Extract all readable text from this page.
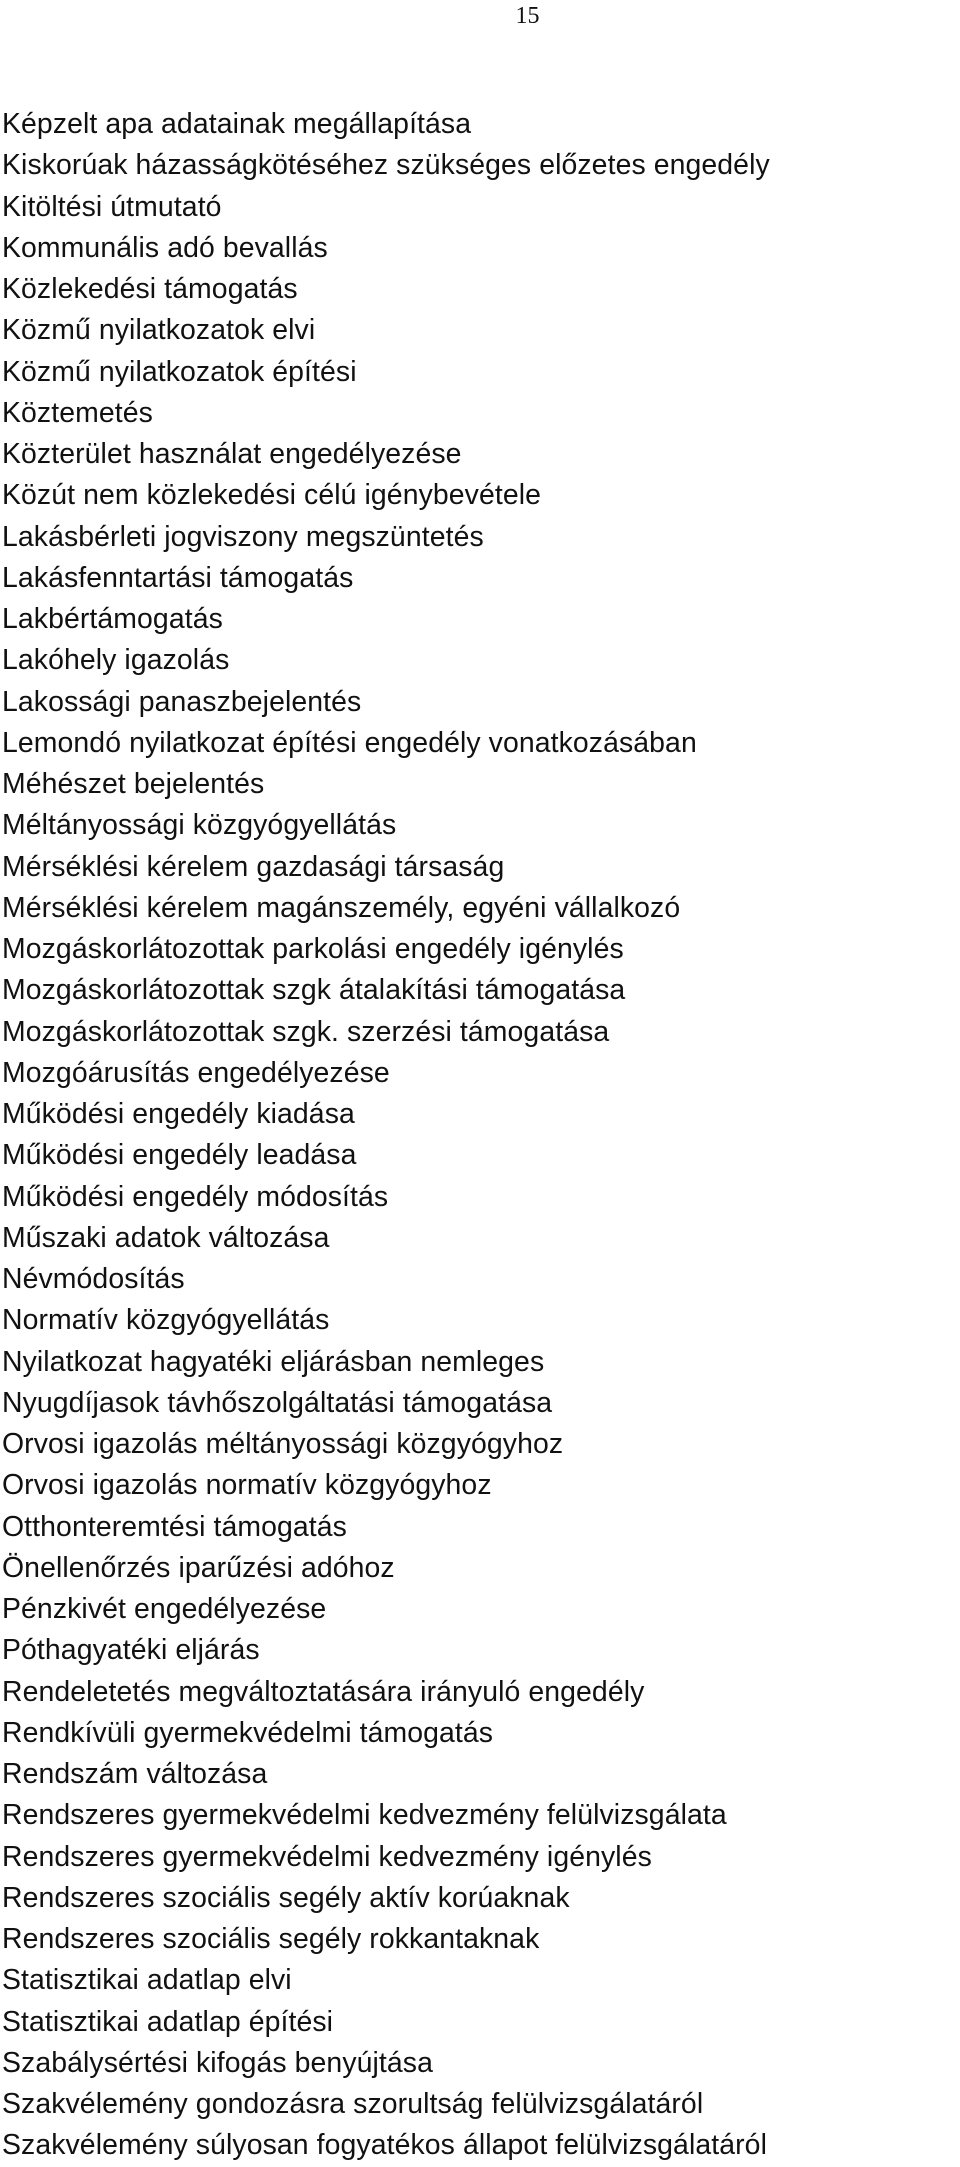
15
Képzelt apa adatainak megállapítása
Kiskorúak házasságkötéséhez szükséges előzetes engedély
Kitöltési útmutató
Kommunális adó bevallás
Közlekedési támogatás
Közmű nyilatkozatok elvi
Közmű nyilatkozatok építési
Köztemetés
Közterület használat engedélyezése
Közút nem közlekedési célú igénybevétele
Lakásbérleti jogviszony megszüntetés
Lakásfenntartási támogatás
Lakbértámogatás
Lakóhely igazolás
Lakossági panaszbejelentés
Lemondó nyilatkozat építési engedély vonatkozásában
Méhészet bejelentés
Méltányossági közgyógyellátás
Mérséklési kérelem gazdasági társaság
Mérséklési kérelem magánszemély, egyéni vállalkozó
Mozgáskorlátozottak parkolási engedély igénylés
Mozgáskorlátozottak szgk átalakítási támogatása
Mozgáskorlátozottak szgk. szerzési támogatása
Mozgóárusítás engedélyezése
Működési engedély kiadása
Működési engedély leadása
Működési engedély módosítás
Műszaki adatok változása
Névmódosítás
Normatív közgyógyellátás
Nyilatkozat hagyatéki eljárásban nemleges
Nyugdíjasok távhőszolgáltatási támogatása
Orvosi igazolás méltányossági közgyógyhoz
Orvosi igazolás normatív közgyógyhoz
Otthonteremtési támogatás
Önellenőrzés iparűzési adóhoz
Pénzkivét engedélyezése
Póthagyatéki eljárás
Rendeletetés megváltoztatására irányuló engedély
Rendkívüli gyermekvédelmi támogatás
Rendszám változása
Rendszeres gyermekvédelmi kedvezmény felülvizsgálata
Rendszeres gyermekvédelmi kedvezmény igénylés
Rendszeres szociális segély aktív korúaknak
Rendszeres szociális segély rokkantaknak
Statisztikai adatlap elvi
Statisztikai adatlap építési
Szabálysértési kifogás benyújtása
Szakvélemény gondozásra szorultság felülvizsgálatáról
Szakvélemény súlyosan fogyatékos állapot felülvizsgálatáról
